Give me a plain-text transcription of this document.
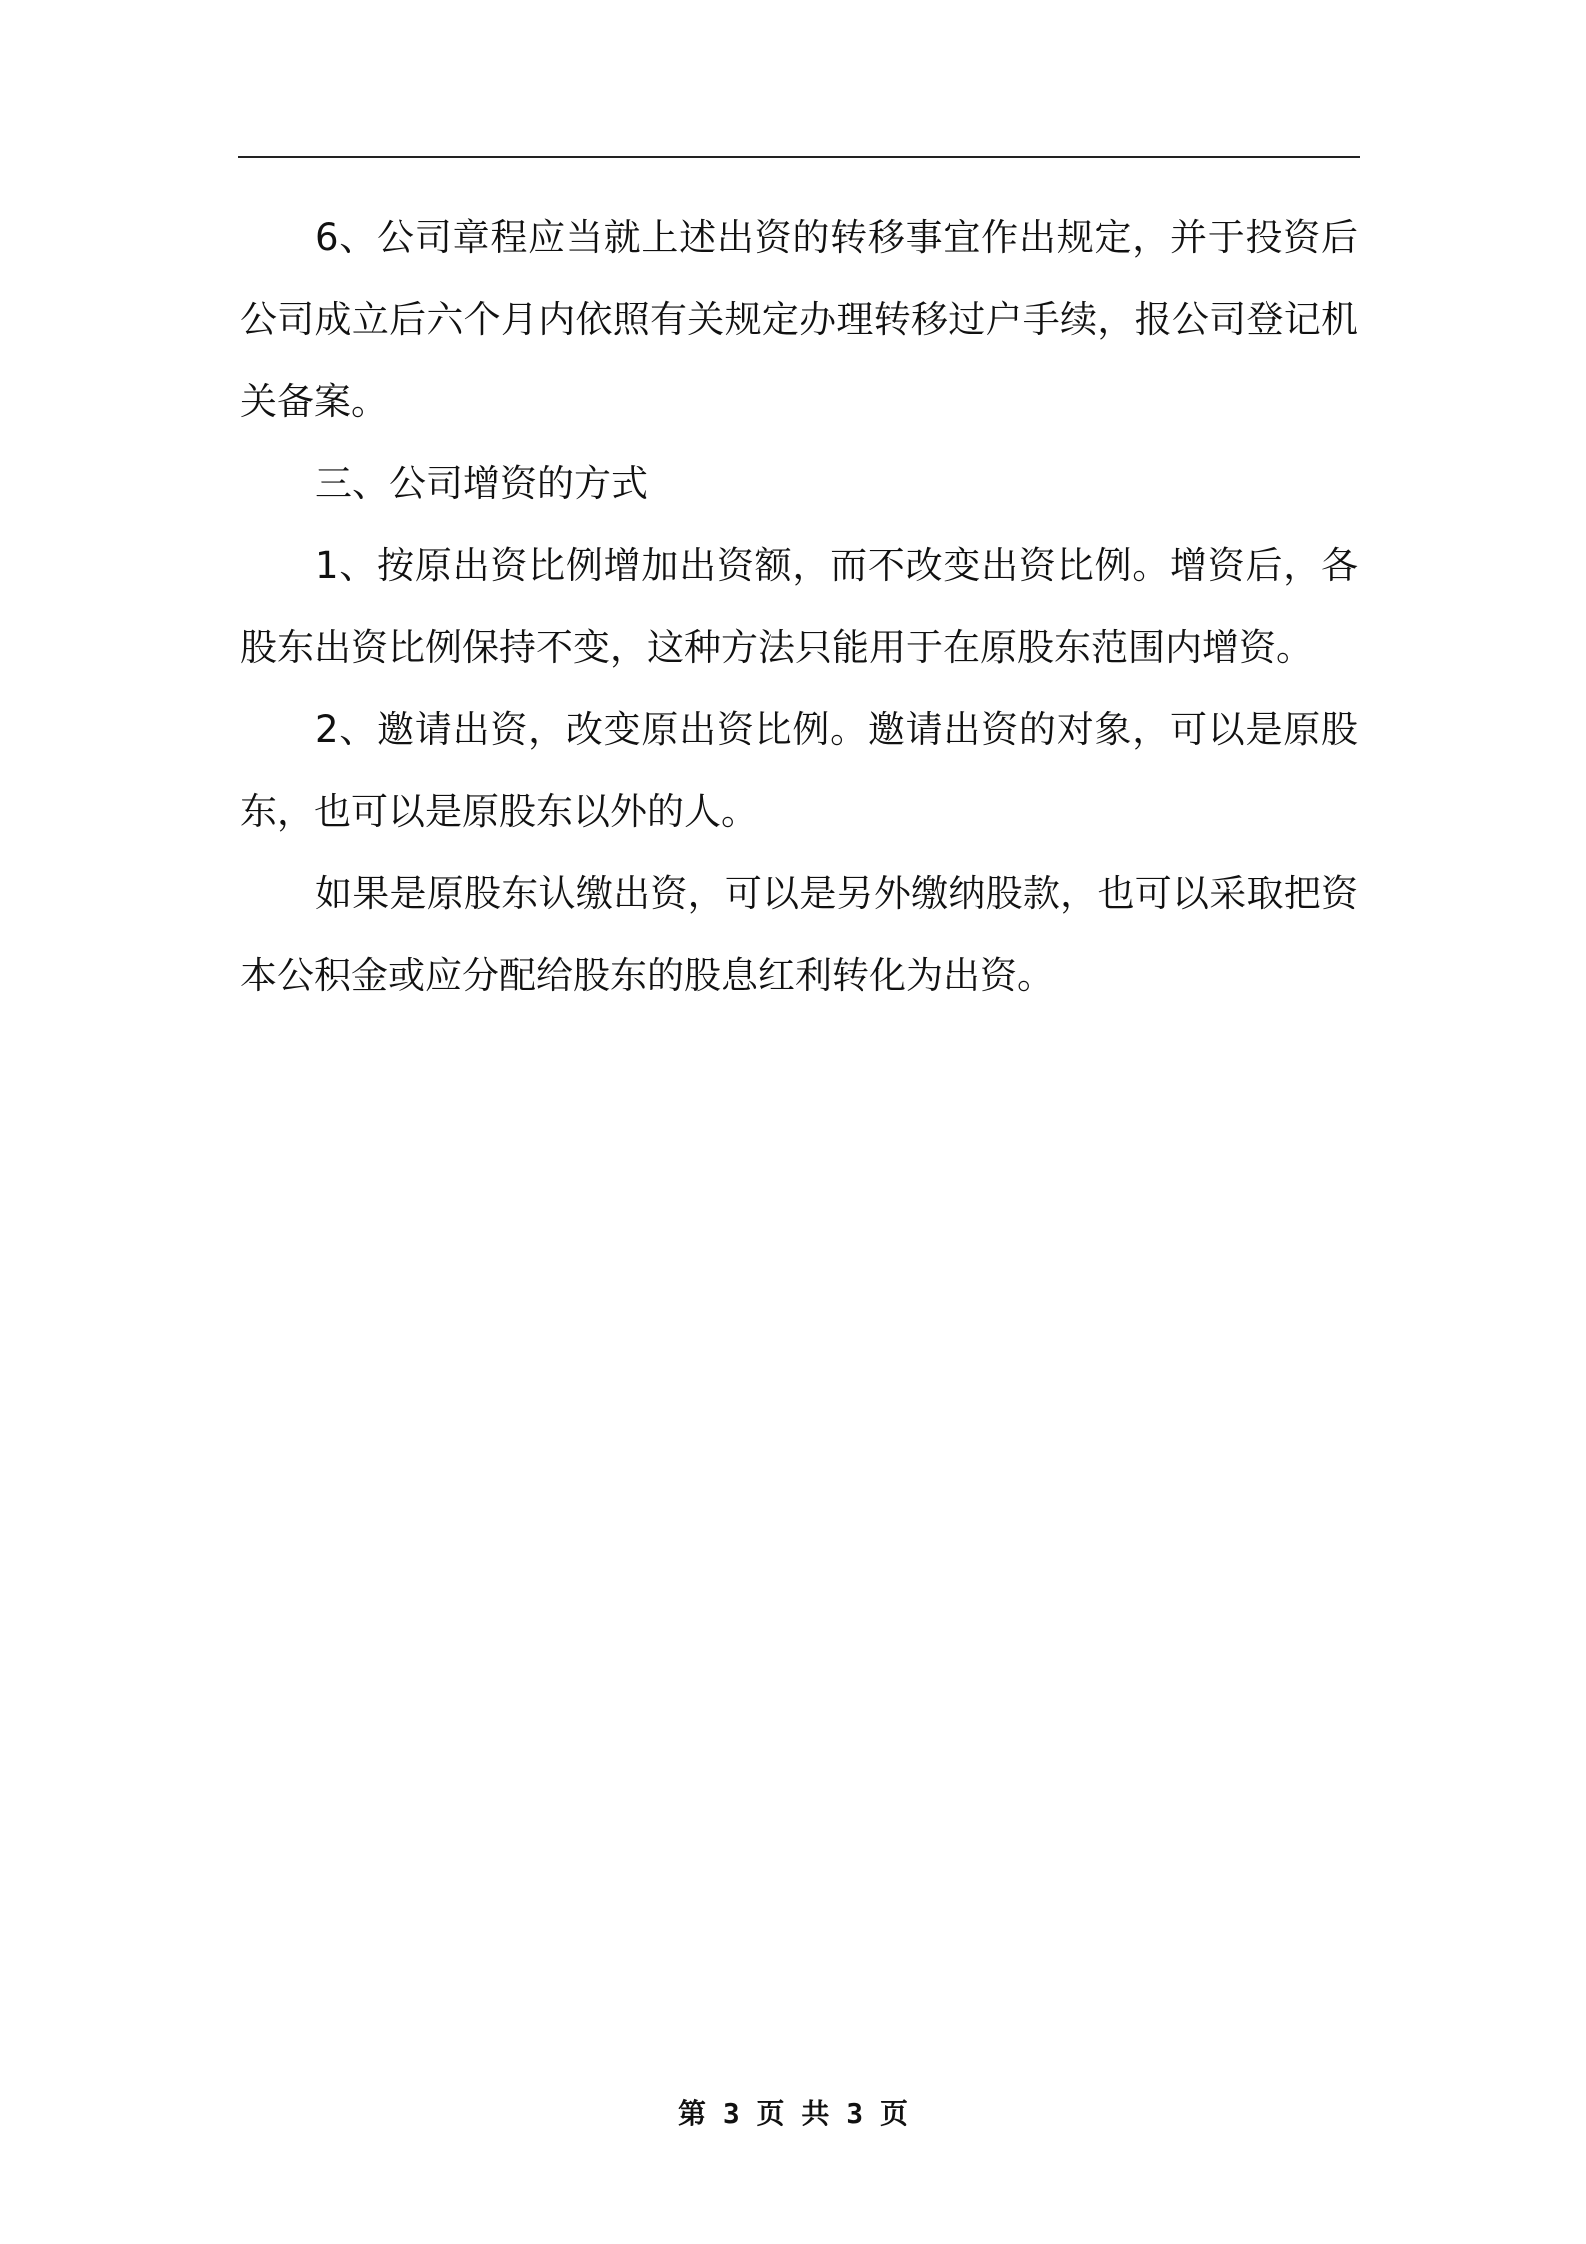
6、公司章程应当就上述出资的转移事宜作出规定，并于投资后公司成立后六个月内依照有关规定办理转移过户手续，报公司登记机关备案。

三、公司增资的方式

1、按原出资比例增加出资额，而不改变出资比例。增资后，各股东出资比例保持不变，这种方法只能用于在原股东范围内增资。

2、邀请出资，改变原出资比例。邀请出资的对象，可以是原股东，也可以是原股东以外的人。

如果是原股东认缴出资，可以是另外缴纳股款，也可以采取把资本公积金或应分配给股东的股息红利转化为出资。

第 3 页 共 3 页
